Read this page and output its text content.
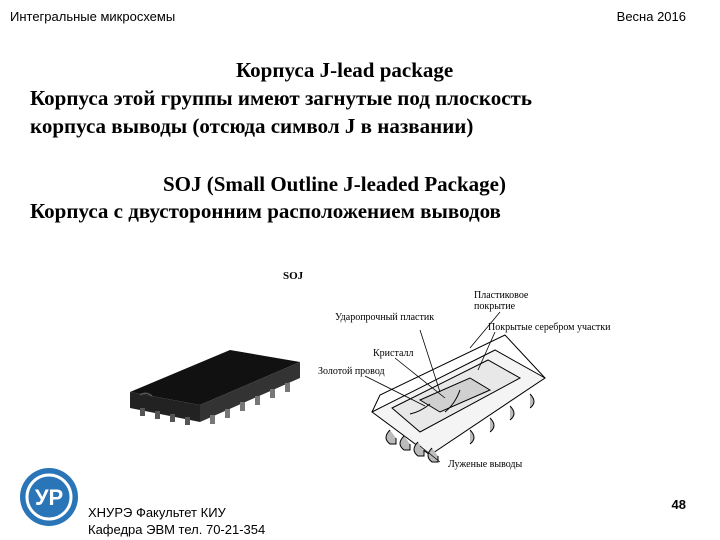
Интегральные микросхемы	Весна 2016
Корпуса J-lead package
Корпуса этой группы имеют загнутые под плоскость
корпуса выводы (отсюда символ J в названии)
SOJ (Small Outline J-leaded Package)
Корпуса с двусторонним расположением выводов
SOJ
Пластиковое покрытие
Ударопрочный пластик
Покрытые серебром участки
Кристалл
Золотой провод
Луженые выводы
УР
ХНУРЭ Факультет КИУ
Кафедра ЭВМ тел. 70-21-354
48
